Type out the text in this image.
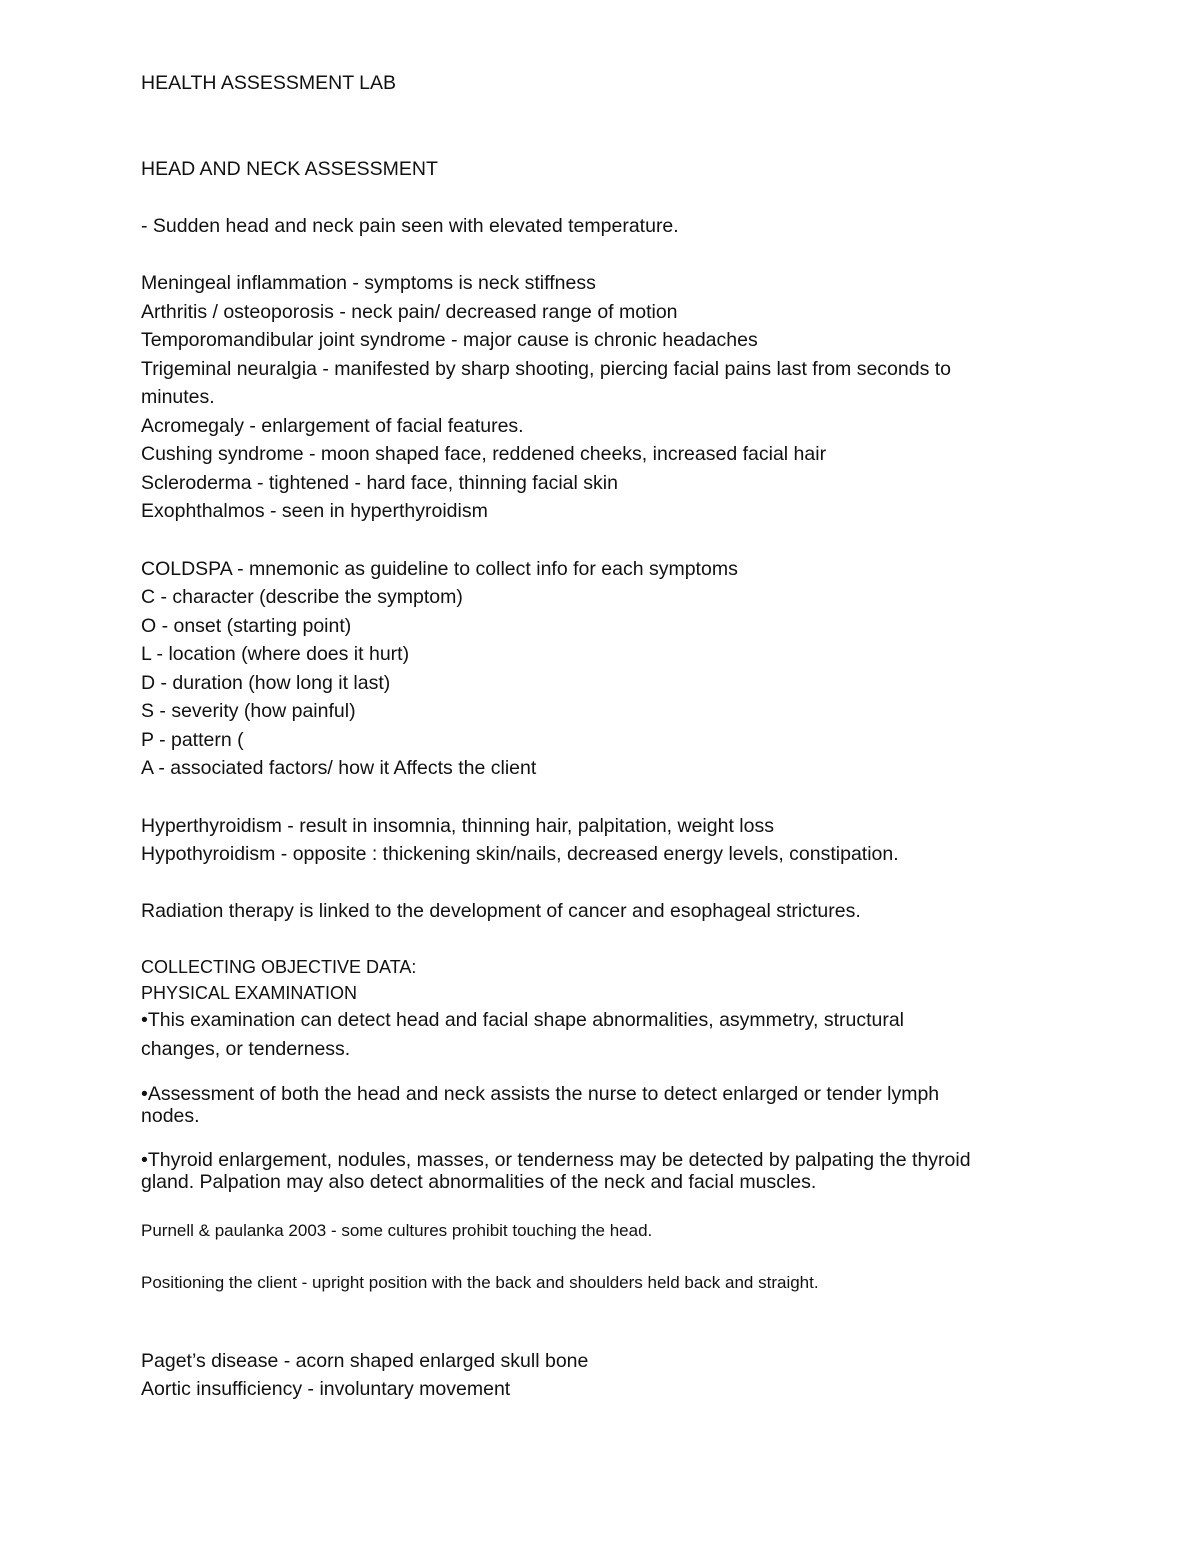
HEALTH ASSESSMENT LAB
HEAD AND NECK ASSESSMENT
- Sudden head and neck pain seen with elevated temperature.
Meningeal inflammation - symptoms is neck stiffness
Arthritis / osteoporosis - neck pain/ decreased range of motion
Temporomandibular joint syndrome - major cause is chronic headaches
Trigeminal neuralgia - manifested by sharp shooting, piercing facial pains last from seconds to
minutes.
Acromegaly - enlargement of facial features.
Cushing syndrome - moon shaped face, reddened cheeks, increased facial hair
Scleroderma - tightened - hard face, thinning facial skin
Exophthalmos - seen in hyperthyroidism
COLDSPA - mnemonic as guideline to collect info for each symptoms
C - character (describe the symptom)
O - onset (starting point)
L - location (where does it hurt)
D - duration (how long it last)
S - severity (how painful)
P - pattern (
A - associated factors/ how it Affects the client
Hyperthyroidism - result in insomnia, thinning hair, palpitation, weight loss
Hypothyroidism - opposite : thickening skin/nails, decreased energy levels, constipation.
Radiation therapy is linked to the development of cancer and esophageal strictures.
COLLECTING OBJECTIVE DATA:
PHYSICAL EXAMINATION
•This examination can detect head and facial shape abnormalities, asymmetry, structural
changes, or tenderness.
•Assessment of both the head and neck assists the nurse to detect enlarged or tender lymph
nodes.
•Thyroid enlargement, nodules, masses, or tenderness may be detected by palpating the thyroid
gland. Palpation may also detect abnormalities of the neck and facial muscles.
Purnell & paulanka 2003 - some cultures prohibit touching the head.
Positioning the client - upright position with the back and shoulders held back and straight.
Paget’s disease - acorn shaped enlarged skull bone
Aortic insufficiency - involuntary movement
